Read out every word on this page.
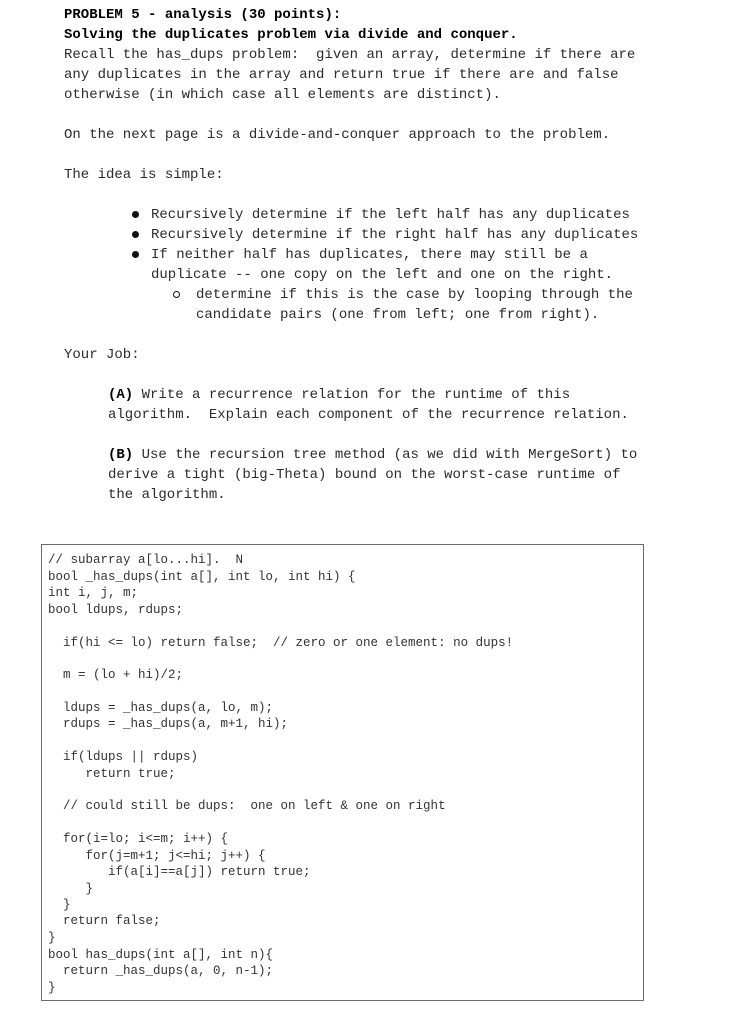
PROBLEM 5 - analysis (30 points):
Solving the duplicates problem via divide and conquer.
Recall the has_dups problem:  given an array, determine if there are
any duplicates in the array and return true if there are and false
otherwise (in which case all elements are distinct).
On the next page is a divide-and-conquer approach to the problem.
The idea is simple:
Recursively determine if the left half has any duplicates
Recursively determine if the right half has any duplicates
If neither half has duplicates, there may still be a
duplicate -- one copy on the left and one on the right.
determine if this is the case by looping through the
candidate pairs (one from left; one from right).
Your Job:
(A) Write a recurrence relation for the runtime of this
algorithm.  Explain each component of the recurrence relation.
(B) Use the recursion tree method (as we did with MergeSort) to
derive a tight (big-Theta) bound on the worst-case runtime of
the algorithm.
// subarray a[lo...hi].  N
bool _has_dups(int a[], int lo, int hi) {
int i, j, m;
bool ldups, rdups;
if(hi <= lo) return false;  // zero or one element: no dups!
m = (lo + hi)/2;
ldups = _has_dups(a, lo, m);
rdups = _has_dups(a, m+1, hi);
if(ldups || rdups)
return true;
// could still be dups:  one on left & one on right
for(i=lo; i<=m; i++) {
for(j=m+1; j<=hi; j++) {
if(a[i]==a[j]) return true;
}
}
return false;
}
bool has_dups(int a[], int n){
return _has_dups(a, 0, n-1);
}
